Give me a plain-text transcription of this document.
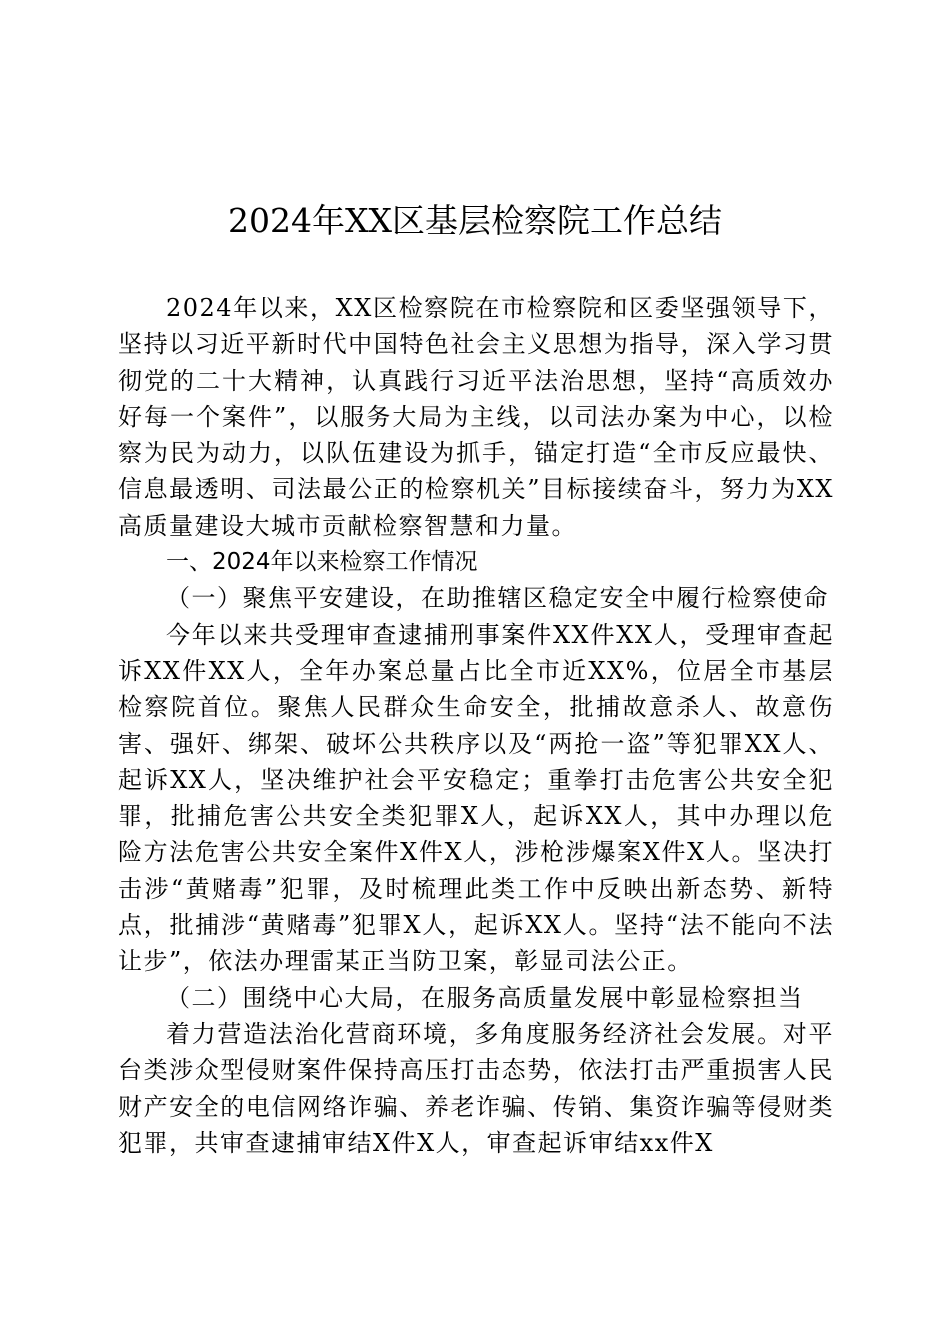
2024年XX区基层检察院工作总结

2024年以来，XX区检察院在市检察院和区委坚强领导下，坚持以习近平新时代中国特色社会主义思想为指导，深入学习贯彻党的二十大精神，认真践行习近平法治思想，坚持“高质效办好每一个案件”，以服务大局为主线，以司法办案为中心，以检察为民为动力，以队伍建设为抓手，锚定打造“全市反应最快、信息最透明、司法最公正的检察机关”目标接续奋斗，努力为XX高质量建设大城市贡献检察智慧和力量。

一、2024年以来检察工作情况

（一）聚焦平安建设，在助推辖区稳定安全中履行检察使命

今年以来共受理审查逮捕刑事案件XX件XX人，受理审查起诉XX件XX人，全年办案总量占比全市近XX%，位居全市基层检察院首位。聚焦人民群众生命安全，批捕故意杀人、故意伤害、强奸、绑架、破坏公共秩序以及“两抢一盗”等犯罪XX人、起诉XX人，坚决维护社会平安稳定；重拳打击危害公共安全犯罪，批捕危害公共安全类犯罪X人，起诉XX人，其中办理以危险方法危害公共安全案件X件X人，涉枪涉爆案X件X人。坚决打击涉“黄赌毒”犯罪，及时梳理此类工作中反映出新态势、新特点，批捕涉“黄赌毒”犯罪X人，起诉XX人。坚持“法不能向不法让步”，依法办理雷某正当防卫案，彰显司法公正。

（二）围绕中心大局，在服务高质量发展中彰显检察担当

着力营造法治化营商环境，多角度服务经济社会发展。对平台类涉众型侵财案件保持高压打击态势，依法打击严重损害人民财产安全的电信网络诈骗、养老诈骗、传销、集资诈骗等侵财类犯罪，共审查逮捕审结X件X人，审查起诉审结xx件X
